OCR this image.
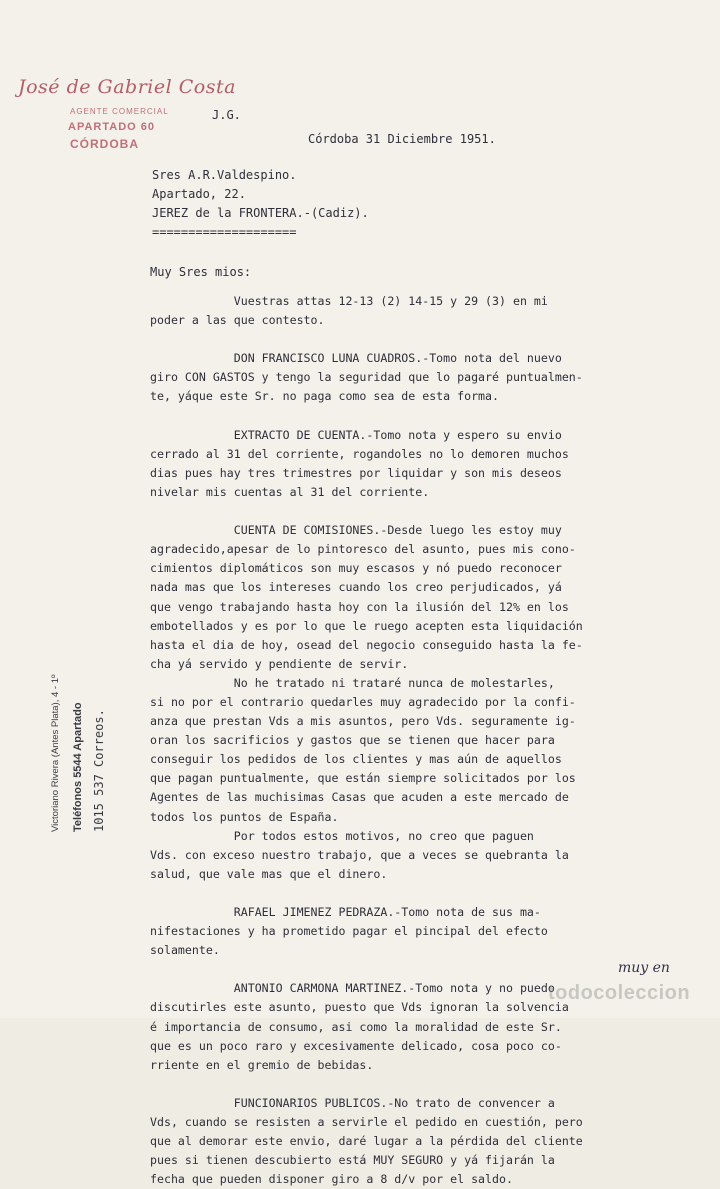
José de Gabriel Costa
AGENTE COMERCIAL
APARTADO 60
CÓRDOBA
J.G.
Córdoba 31 Diciembre 1951.
Sres A.R.Valdespino.
Apartado, 22.
JEREZ de la FRONTERA.-(Cadiz).
====================
Muy Sres mios:
Vuestras attas 12-13 (2) 14-15 y 29 (3) en mi
poder a las que contesto.

DON FRANCISCO LUNA CUADROS.-Tomo nota del nuevo
giro CON GASTOS y tengo la seguridad que lo pagaré puntualmen-
te, yáque este Sr. no paga como sea de esta forma.

EXTRACTO DE CUENTA.-Tomo nota y espero su envio
cerrado al 31 del corriente, rogandoles no lo demoren muchos
dias pues hay tres trimestres por liquidar y son mis deseos
nivelar mis cuentas al 31 del corriente.

CUENTA DE COMISIONES.-Desde luego les estoy muy
agradecido,apesar de lo pintoresco del asunto, pues mis cono-
cimientos diplomáticos son muy escasos y nó puedo reconocer
nada mas que los intereses cuando los creo perjudicados, yá
que vengo trabajando hasta hoy con la ilusión del 12% en los
embotellados y es por lo que le ruego acepten esta liquidación
hasta el dia de hoy, osead del negocio conseguido hasta la fe-
cha yá servido y pendiente de servir.
No he tratado ni trataré nunca de molestarles,
si no por el contrario quedarles muy agradecido por la confi-
anza que prestan Vds a mis asuntos, pero Vds. seguramente ig-
oran los sacrificios y gastos que se tienen que hacer para
conseguir los pedidos de los clientes y mas aún de aquellos
que pagan puntualmente, que están siempre solicitados por los
Agentes de las muchisimas Casas que acuden a este mercado de
todos los puntos de España.
Por todos estos motivos, no creo que paguen
Vds. con exceso nuestro trabajo, que a veces se quebranta la
salud, que vale mas que el dinero.

RAFAEL JIMENEZ PEDRAZA.-Tomo nota de sus ma-
nifestaciones y ha prometido pagar el pincipal del efecto
solamente.

ANTONIO CARMONA MARTINEZ.-Tomo nota y no puedo
discutirles este asunto, puesto que Vds ignoran la solvencia
é importancia de consumo, asi como la moralidad de este Sr.
que es un poco raro y excesivamente delicado, cosa poco co-
rriente en el gremio de bebidas.

FUNCIONARIOS PUBLICOS.-No trato de convencer a
Vds, cuando se resisten a servirle el pedido en cuestión, pero
que al demorar este envio, daré lugar a la pérdida del cliente
pues si tienen descubierto está MUY SEGURO y yá fijarán la
fecha que pueden disponer giro a 8 d/v por el saldo.
Victoriano Rivera (Antes Plata), 4 - 1º Teléfonos 5544 Apartado 1015 537 Correos.
muy en
todocoleccion
